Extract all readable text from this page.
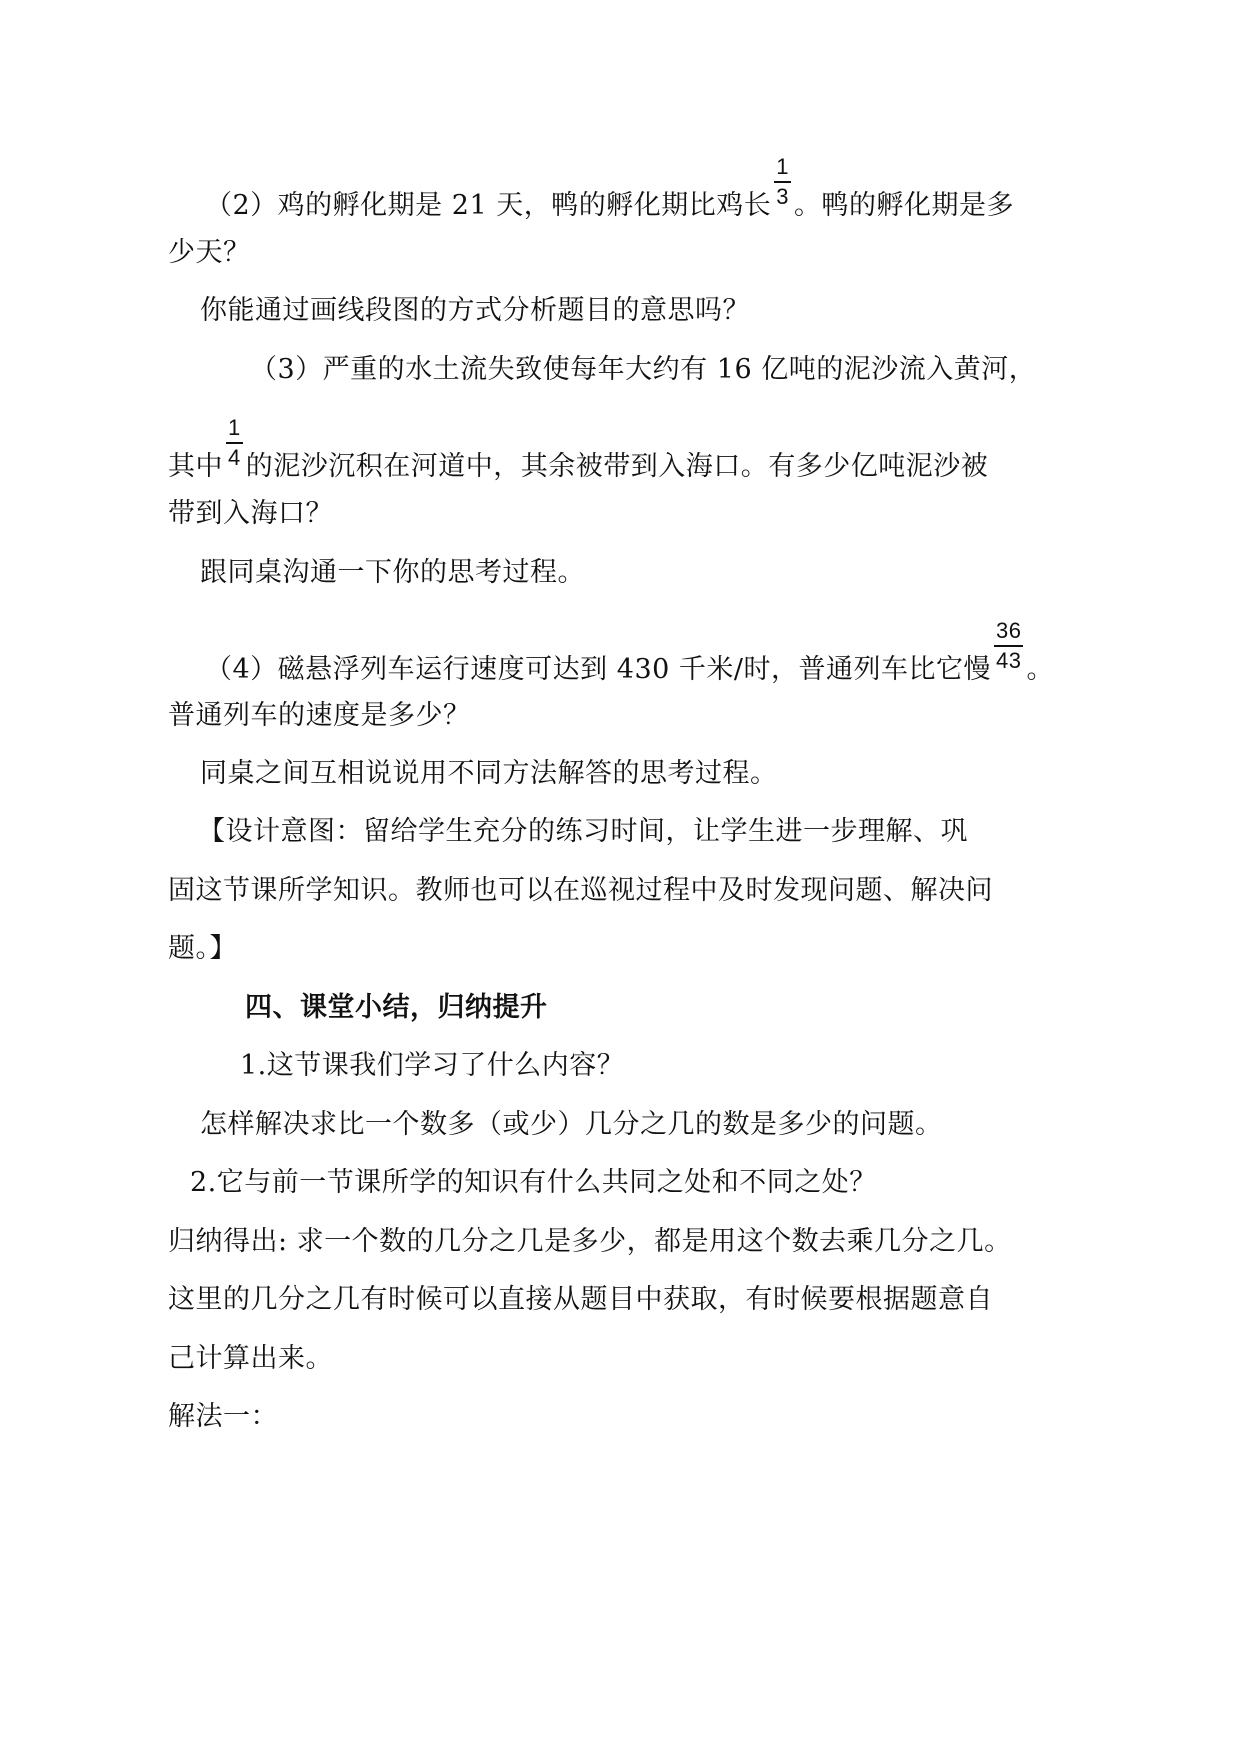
（2）鸡的孵化期是 21 天，鸭的孵化期比鸡长 $\frac{1}{3}$ 。鸭的孵化期是多
少天？
你能通过画线段图的方式分析题目的意思吗？
（3）严重的水土流失致使每年大约有 16 亿吨的泥沙流入黄河，
其中 $\frac{1}{4}$ 的泥沙沉积在河道中，其余被带到入海口。有多少亿吨泥沙被
带到入海口？
跟同桌沟通一下你的思考过程。
（4）磁悬浮列车运行速度可达到 430 千米/时，普通列车比它慢 $\frac{36}{43}$ 。
普通列车的速度是多少？
同桌之间互相说说用不同方法解答的思考过程。
【设计意图：留给学生充分的练习时间，让学生进一步理解、巩
固这节课所学知识。教师也可以在巡视过程中及时发现问题、解决问
题。】
四、课堂小结，归纳提升
1.这节课我们学习了什么内容？
怎样解决求比一个数多（或少）几分之几的数是多少的问题。
2.它与前一节课所学的知识有什么共同之处和不同之处？
归纳得出: 求一个数的几分之几是多少，都是用这个数去乘几分之几。
这里的几分之几有时候可以直接从题目中获取，有时候要根据题意自
己计算出来。
解法一：
